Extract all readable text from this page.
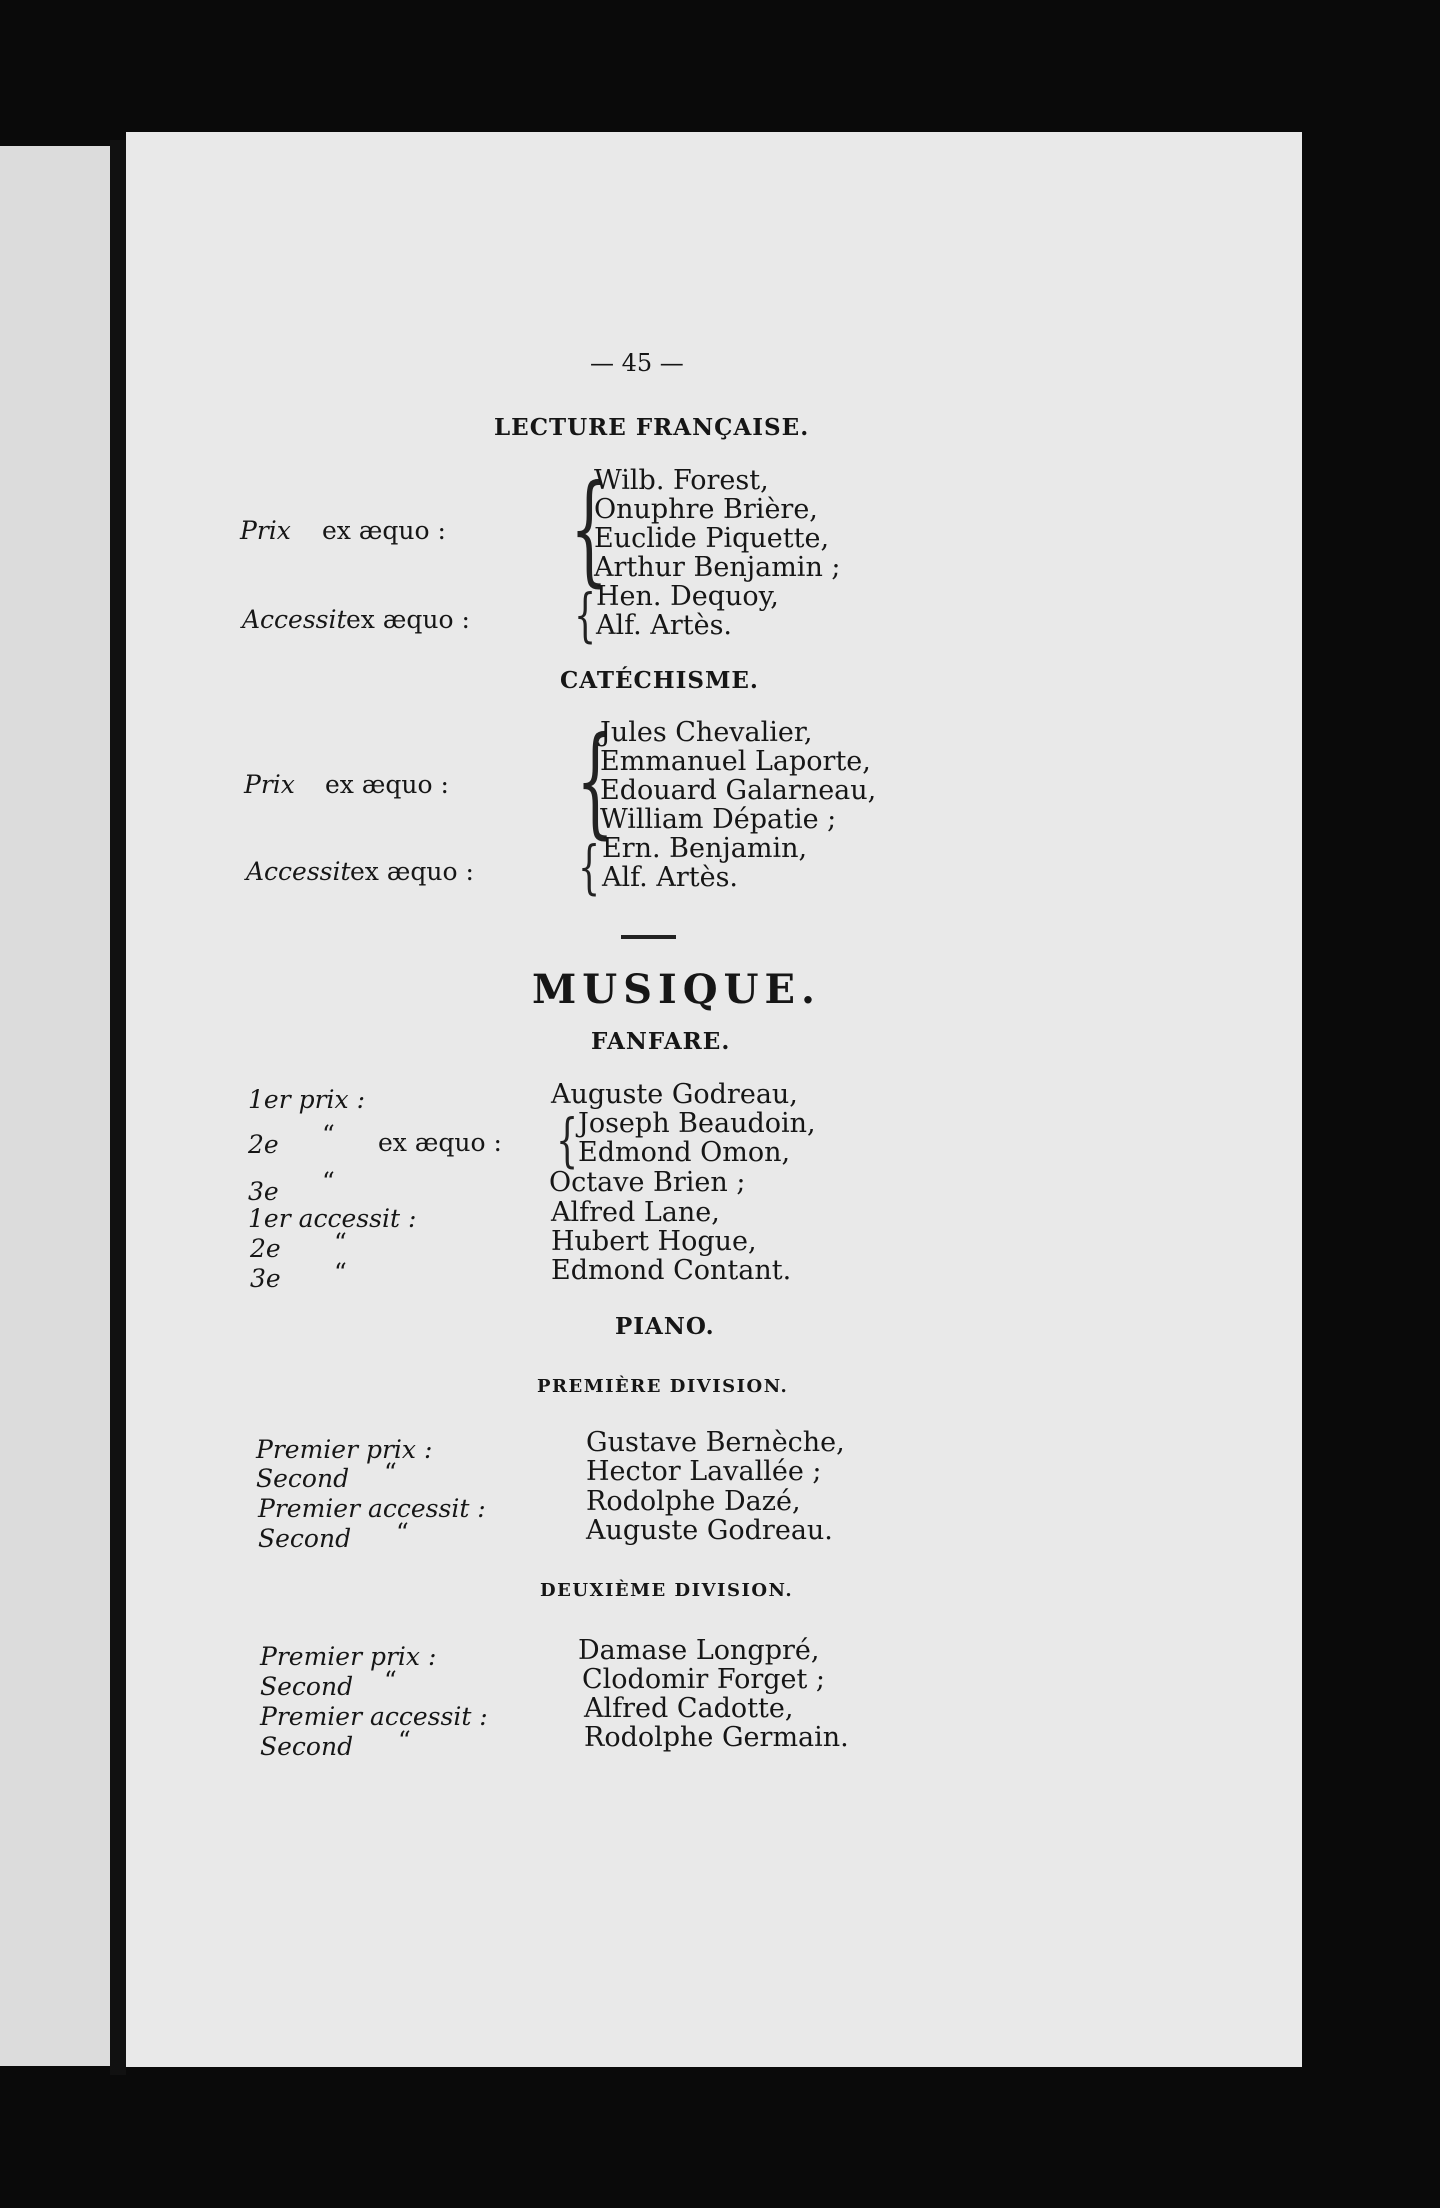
— 45 —
LECTURE FRANÇAISE.
Prix ex æquo : {
Wilb. Forest,
Onuphre Brière,
Euclide Piquette,
Arthur Benjamin ;
Accessit ex æquo : { Hen. Dequoy,
Alf. Artès.
CATÉCHISME.
Prix ex æquo : {
Jules Chevalier,
Emmanuel Laporte,
Edouard Galarneau,
William Dépatie ;
Accessit ex æquo : { Ern. Benjamin,
Alf. Artès.
MUSIQUE.
FANFARE.
1er prix :
2e “ ex æquo :
3e “
1er accessit :
2e “
3e “
Auguste Godreau,
{ Joseph Beaudoin,
Edmond Omon,
Octave Brien ;
Alfred Lane,
Hubert Hogue,
Edmond Contant.
PIANO.
PREMIÈRE DIVISION.
Premier prix :
Second “
Premier accessit :
Second “
Gustave Bernèche,
Hector Lavallée ;
Rodolphe Dazé,
Auguste Godreau.
DEUXIÈME DIVISION.
Premier prix :
Second “
Premier accessit :
Second “
Damase Longpré,
Clodomir Forget ;
Alfred Cadotte,
Rodolphe Germain.
